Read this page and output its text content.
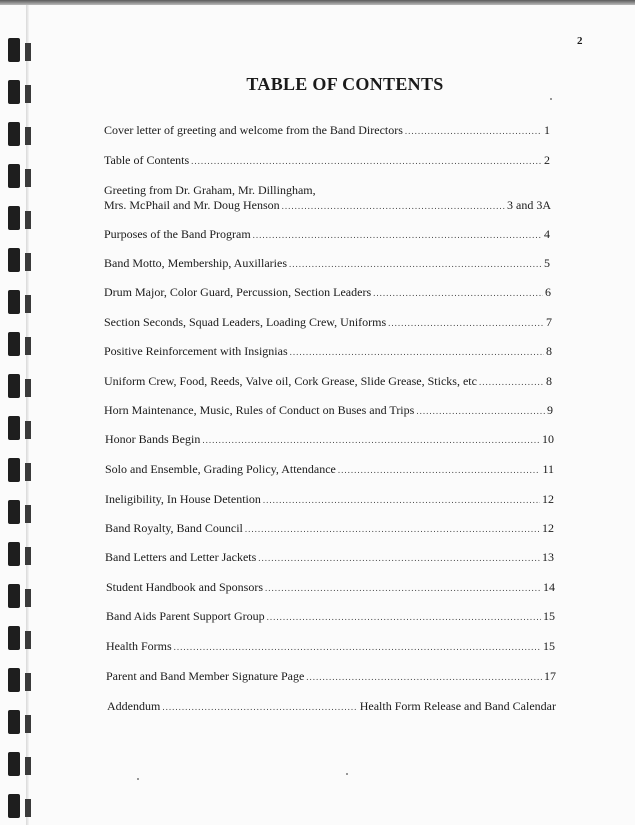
2
TABLE OF CONTENTS
Cover letter of greeting and welcome from the Band Directors .....	1
Table of Contents .....	2
Greeting from Dr. Graham, Mr. Dillingham,
Mrs. McPhail and Mr. Doug Henson .....	3 and 3A
Purposes of the Band Program .....	4
Band Motto, Membership, Auxillaries .....	5
Drum Major, Color Guard, Percussion, Section Leaders .....	6
Section Seconds, Squad Leaders, Loading Crew, Uniforms .....	7
Positive Reinforcement with Insignias .....	8
Uniform Crew, Food, Reeds, Valve oil, Cork Grease, Slide Grease, Sticks, etc .....	8
Horn Maintenance, Music, Rules of Conduct on Buses and Trips .....	9
Honor Bands Begin .....	10
Solo and Ensemble, Grading Policy, Attendance .....	11
Ineligibility, In House Detention .....	12
Band Royalty, Band Council .....	12
Band Letters and Letter Jackets .....	13
Student Handbook and Sponsors .....	14
Band Aids Parent Support Group .....	15
Health Forms .....	15
Parent and Band Member Signature Page .....	17
Addendum .....	Health Form Release and Band Calendar
